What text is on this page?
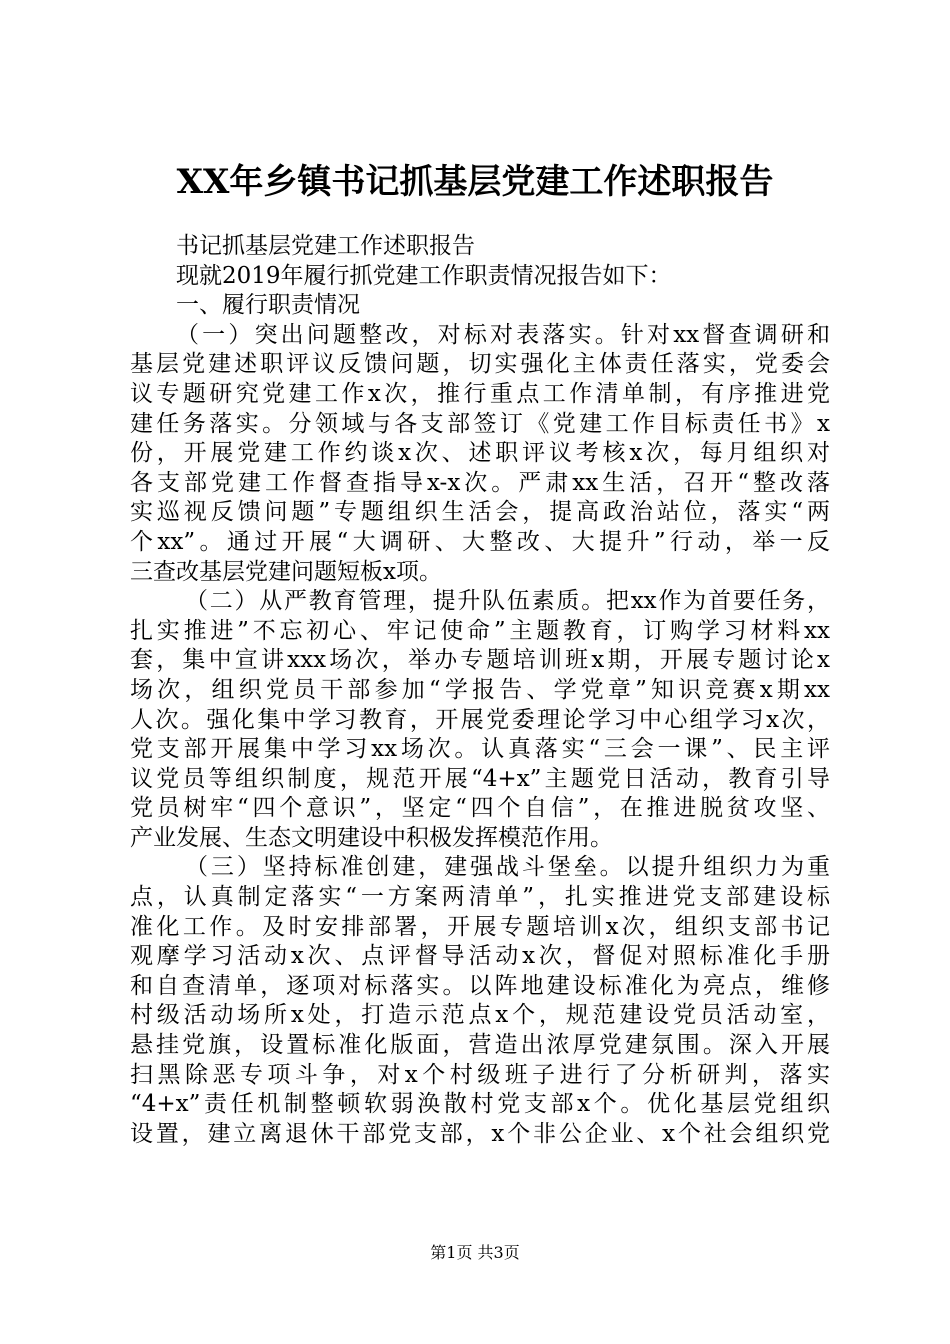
XX年乡镇书记抓基层党建工作述职报告
书记抓基层党建工作述职报告
现就2019年履行抓党建工作职责情况报告如下：
一、履行职责情况
（一）突出问题整改，对标对表落实。针对xx督查调研和
基层党建述职评议反馈问题，切实强化主体责任落实，党委会
议专题研究党建工作x次，推行重点工作清单制，有序推进党
建任务落实。分领域与各支部签订《党建工作目标责任书》x
份，开展党建工作约谈x次、述职评议考核x次，每月组织对
各支部党建工作督查指导x-x次。严肃xx生活，召开“整改落
实巡视反馈问题”专题组织生活会，提高政治站位，落实“两
个xx”。通过开展“大调研、大整改、大提升”行动，举一反
三查改基层党建问题短板x项。
（二）从严教育管理，提升队伍素质。把xx作为首要任务，
扎实推进”不忘初心、牢记使命”主题教育，订购学习材料xx
套，集中宣讲xxx场次，举办专题培训班x期，开展专题讨论x
场次，组织党员干部参加“学报告、学党章”知识竞赛x期xx
人次。强化集中学习教育，开展党委理论学习中心组学习x次，
党支部开展集中学习xx场次。认真落实“三会一课”、民主评
议党员等组织制度，规范开展“4+x”主题党日活动，教育引导
党员树牢“四个意识”，坚定“四个自信”，在推进脱贫攻坚、
产业发展、生态文明建设中积极发挥模范作用。
（三）坚持标准创建，建强战斗堡垒。以提升组织力为重
点，认真制定落实“一方案两清单”，扎实推进党支部建设标
准化工作。及时安排部署，开展专题培训x次，组织支部书记
观摩学习活动x次、点评督导活动x次，督促对照标准化手册
和自查清单，逐项对标落实。以阵地建设标准化为亮点，维修
村级活动场所x处，打造示范点x个，规范建设党员活动室，
悬挂党旗，设置标准化版面，营造出浓厚党建氛围。深入开展
扫黑除恶专项斗争，对x个村级班子进行了分析研判，落实
“4+x”责任机制整顿软弱涣散村党支部x个。优化基层党组织
设置，建立离退休干部党支部，x个非公企业、x个社会组织党
第1页 共3页
